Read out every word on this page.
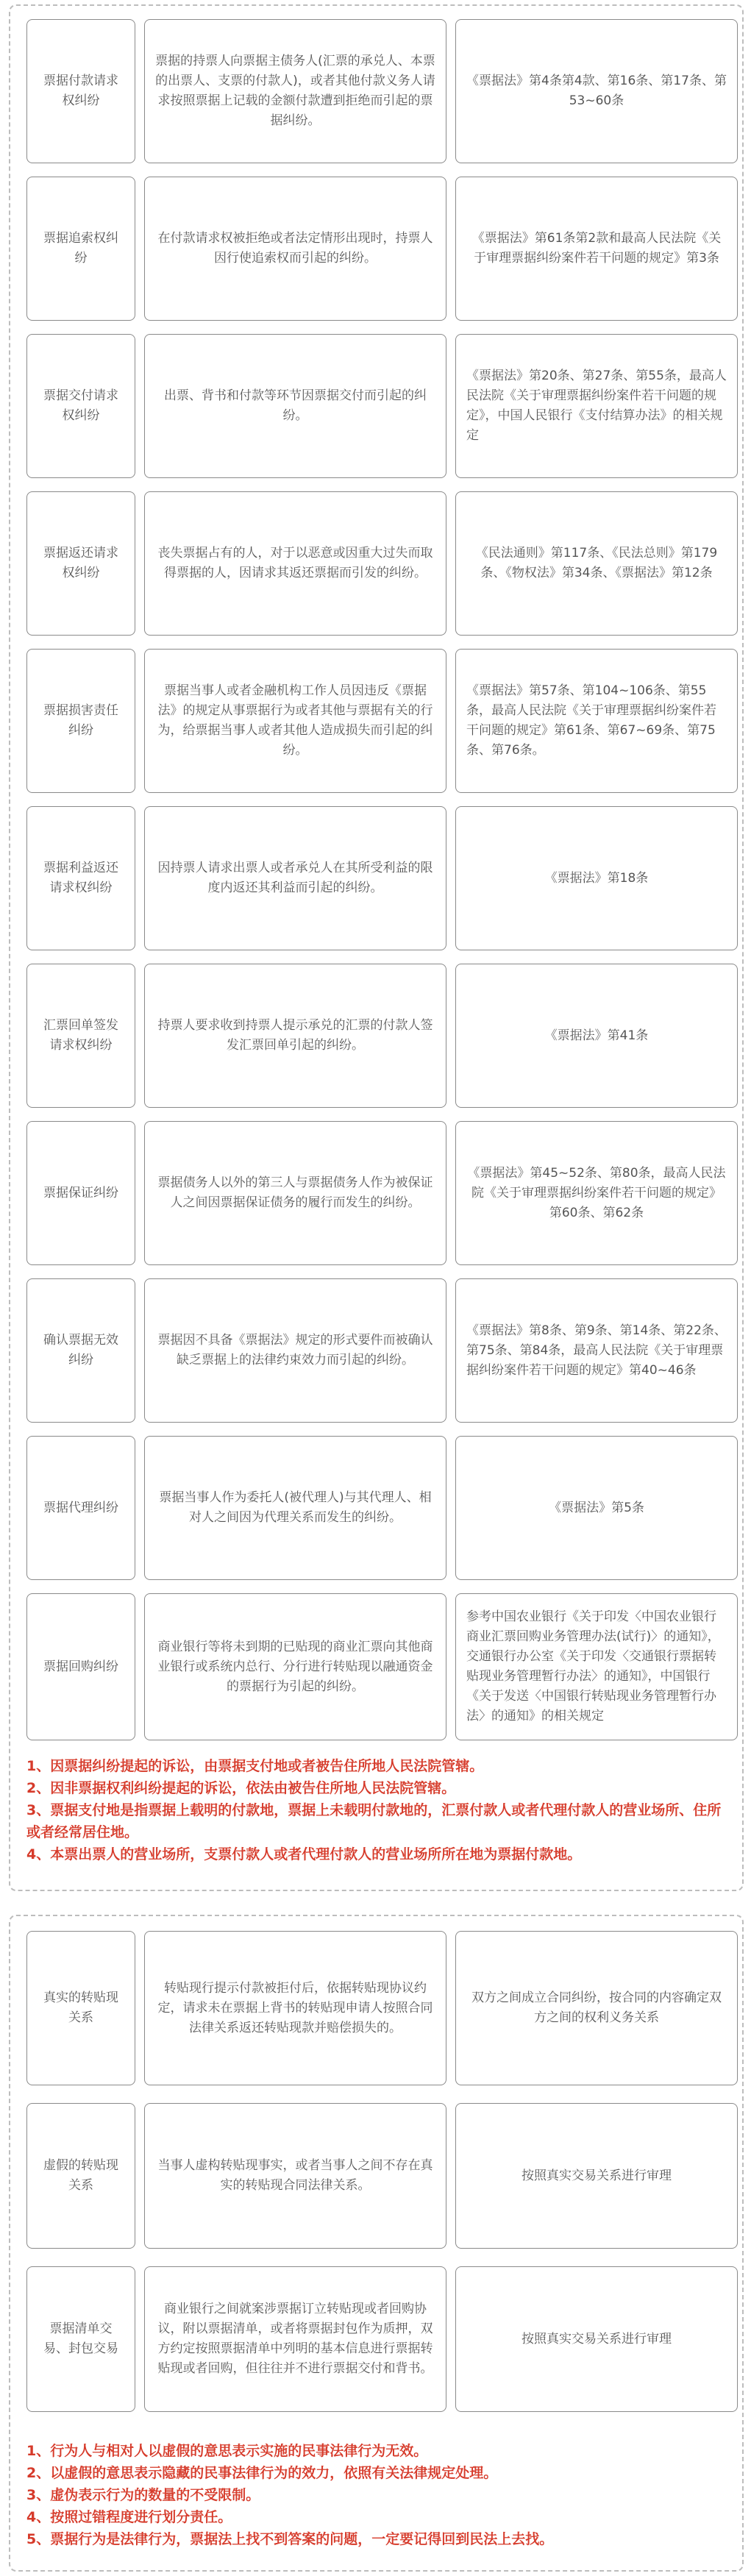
票据付款请求权纠纷
票据的持票人向票据主债务人(汇票的承兑人、本票的出票人、支票的付款人)，或者其他付款义务人请求按照票据上记载的金额付款遭到拒绝而引起的票据纠纷。
《票据法》第4条第4款、第16条、第17条、第53~60条
票据追索权纠纷
在付款请求权被拒绝或者法定情形出现时，持票人因行使追索权而引起的纠纷。
《票据法》第61条第2款和最高人民法院《关于审理票据纠纷案件若干问题的规定》第3条
票据交付请求权纠纷
出票、背书和付款等环节因票据交付而引起的纠纷。
《票据法》第20条、第27条、第55条，最高人民法院《关于审理票据纠纷案件若干问题的规定》，中国人民银行《支付结算办法》的相关规定
票据返还请求权纠纷
丧失票据占有的人，对于以恶意或因重大过失而取得票据的人，因请求其返还票据而引发的纠纷。
《民法通则》第117条、《民法总则》第179条、《物权法》第34条、《票据法》第12条
票据损害责任纠纷
票据当事人或者金融机构工作人员因违反《票据法》的规定从事票据行为或者其他与票据有关的行为，给票据当事人或者其他人造成损失而引起的纠纷。
《票据法》第57条、第104~106条、第55条，最高人民法院《关于审理票据纠纷案件若干问题的规定》第61条、第67~69条、第75条、第76条。
票据利益返还请求权纠纷
因持票人请求出票人或者承兑人在其所受利益的限度内返还其利益而引起的纠纷。
《票据法》第18条
汇票回单签发请求权纠纷
持票人要求收到持票人提示承兑的汇票的付款人签发汇票回单引起的纠纷。
《票据法》第41条
票据保证纠纷
票据债务人以外的第三人与票据债务人作为被保证人之间因票据保证债务的履行而发生的纠纷。
《票据法》第45~52条、第80条，最高人民法院《关于审理票据纠纷案件若干问题的规定》第60条、第62条
确认票据无效纠纷
票据因不具备《票据法》规定的形式要件而被确认缺乏票据上的法律约束效力而引起的纠纷。
《票据法》第8条、第9条、第14条、第22条、第75条、第84条，最高人民法院《关于审理票据纠纷案件若干问题的规定》第40~46条
票据代理纠纷
票据当事人作为委托人(被代理人)与其代理人、相对人之间因为代理关系而发生的纠纷。
《票据法》第5条
票据回购纠纷
商业银行等将未到期的已贴现的商业汇票向其他商业银行或系统内总行、分行进行转贴现以融通资金的票据行为引起的纠纷。
参考中国农业银行《关于印发〈中国农业银行商业汇票回购业务管理办法(试行)〉的通知》，交通银行办公室《关于印发〈交通银行票据转贴现业务管理暂行办法〉的通知》，中国银行《关于发送〈中国银行转贴现业务管理暂行办法〉的通知》的相关规定
1、因票据纠纷提起的诉讼，由票据支付地或者被告住所地人民法院管辖。
2、因非票据权利纠纷提起的诉讼，依法由被告住所地人民法院管辖。
3、票据支付地是指票据上载明的付款地，票据上未载明付款地的，汇票付款人或者代理付款人的营业场所、住所或者经常居住地。
4、本票出票人的营业场所，支票付款人或者代理付款人的营业场所所在地为票据付款地。
真实的转贴现关系
转贴现行提示付款被拒付后，依据转贴现协议约定，请求未在票据上背书的转贴现申请人按照合同法律关系返还转贴现款并赔偿损失的。
双方之间成立合同纠纷，按合同的内容确定双方之间的权利义务关系
虚假的转贴现关系
当事人虚构转贴现事实，或者当事人之间不存在真实的转贴现合同法律关系。
按照真实交易关系进行审理
票据清单交易、封包交易
商业银行之间就案涉票据订立转贴现或者回购协议，附以票据清单，或者将票据封包作为质押，双方约定按照票据清单中列明的基本信息进行票据转贴现或者回购，但往往并不进行票据交付和背书。
按照真实交易关系进行审理
1、行为人与相对人以虚假的意思表示实施的民事法律行为无效。
2、以虚假的意思表示隐藏的民事法律行为的效力，依照有关法律规定处理。
3、虚伪表示行为的数量的不受限制。
4、按照过错程度进行划分责任。
5、票据行为是法律行为，票据法上找不到答案的问题，一定要记得回到民法上去找。
